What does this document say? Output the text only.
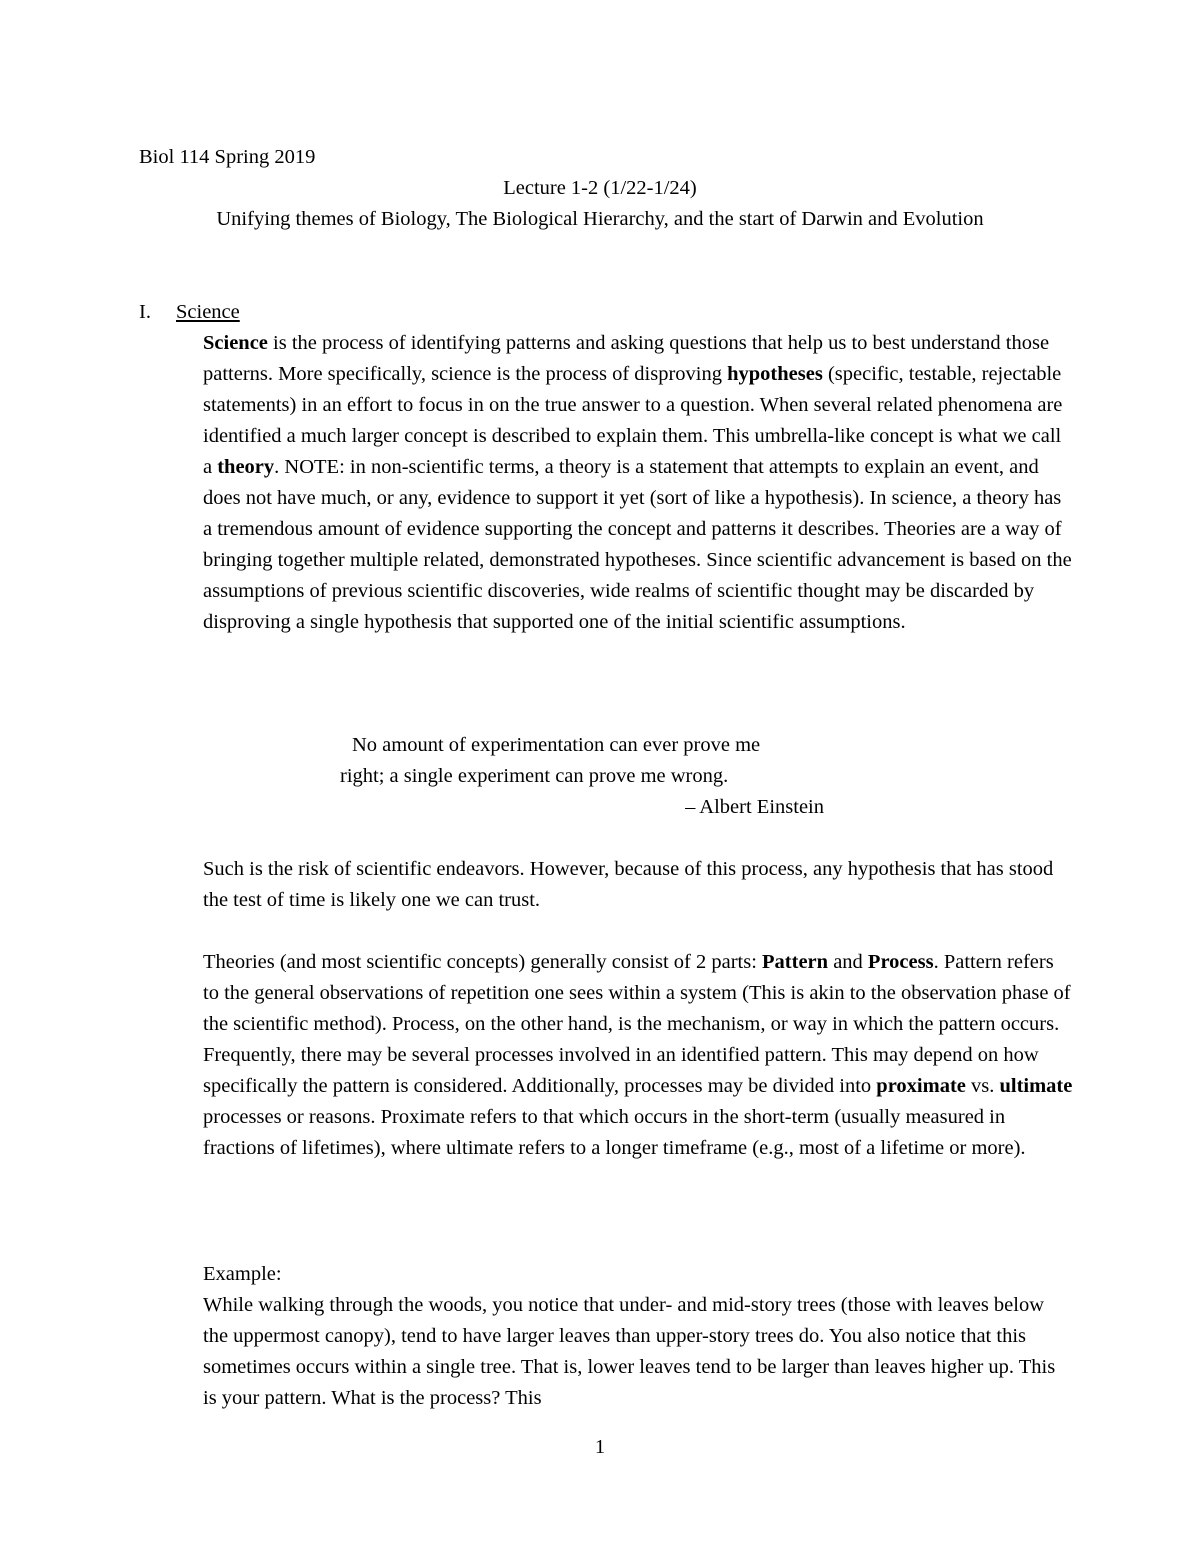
Biol 114 Spring 2019
Lecture 1-2 (1/22-1/24)
Unifying themes of Biology, The Biological Hierarchy, and the start of Darwin and Evolution
I. Science

Science is the process of identifying patterns and asking questions that help us to best understand those patterns. More specifically, science is the process of disproving hypotheses (specific, testable, rejectable statements) in an effort to focus in on the true answer to a question. When several related phenomena are identified a much larger concept is described to explain them. This umbrella-like concept is what we call a theory. NOTE: in non-scientific terms, a theory is a statement that attempts to explain an event, and does not have much, or any, evidence to support it yet (sort of like a hypothesis). In science, a theory has a tremendous amount of evidence supporting the concept and patterns it describes. Theories are a way of bringing together multiple related, demonstrated hypotheses. Since scientific advancement is based on the assumptions of previous scientific discoveries, wide realms of scientific thought may be discarded by disproving a single hypothesis that supported one of the initial scientific assumptions.

No amount of experimentation can ever prove me
right; a single experiment can prove me wrong.
– Albert Einstein

Such is the risk of scientific endeavors. However, because of this process, any hypothesis that has stood the test of time is likely one we can trust.

Theories (and most scientific concepts) generally consist of 2 parts: Pattern and Process. Pattern refers to the general observations of repetition one sees within a system (This is akin to the observation phase of the scientific method). Process, on the other hand, is the mechanism, or way in which the pattern occurs. Frequently, there may be several processes involved in an identified pattern. This may depend on how specifically the pattern is considered. Additionally, processes may be divided into proximate vs. ultimate processes or reasons. Proximate refers to that which occurs in the short-term (usually measured in fractions of lifetimes), where ultimate refers to a longer timeframe (e.g., most of a lifetime or more).

Example:

While walking through the woods, you notice that under- and mid-story trees (those with leaves below the uppermost canopy), tend to have larger leaves than upper-story trees do. You also notice that this sometimes occurs within a single tree. That is, lower leaves tend to be larger than leaves higher up. This is your pattern. What is the process? This

1
